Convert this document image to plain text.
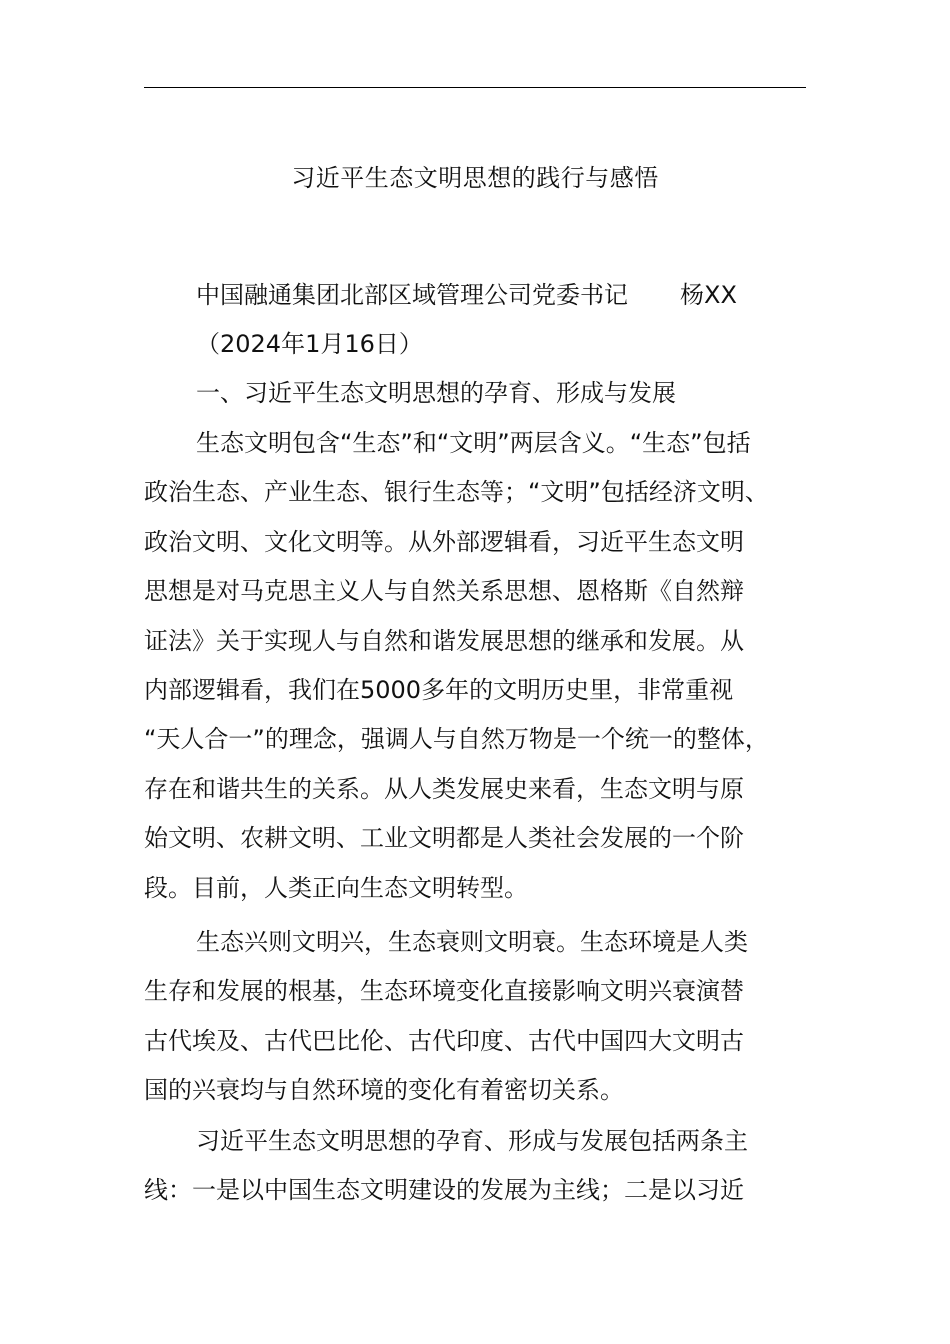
习近平生态文明思想的践行与感悟
中国融通集团北部区域管理公司党委书记 杨XX
（2024年1月16日）
一、习近平生态文明思想的孕育、形成与发展
生态文明包含“生态”和“文明”两层含义。“生态”包括
政治生态、产业生态、银行生态等；“文明”包括经济文明、
政治文明、文化文明等。从外部逻辑看，习近平生态文明
思想是对马克思主义人与自然关系思想、恩格斯《自然辩
证法》关于实现人与自然和谐发展思想的继承和发展。从
内部逻辑看，我们在5000多年的文明历史里，非常重视
“天人合一”的理念，强调人与自然万物是一个统一的整体，
存在和谐共生的关系。从人类发展史来看，生态文明与原
始文明、农耕文明、工业文明都是人类社会发展的一个阶
段。目前，人类正向生态文明转型。
生态兴则文明兴，生态衰则文明衰。生态环境是人类
生存和发展的根基，生态环境变化直接影响文明兴衰演替
古代埃及、古代巴比伦、古代印度、古代中国四大文明古
国的兴衰均与自然环境的变化有着密切关系。
习近平生态文明思想的孕育、形成与发展包括两条主
线：一是以中国生态文明建设的发展为主线；二是以习近
